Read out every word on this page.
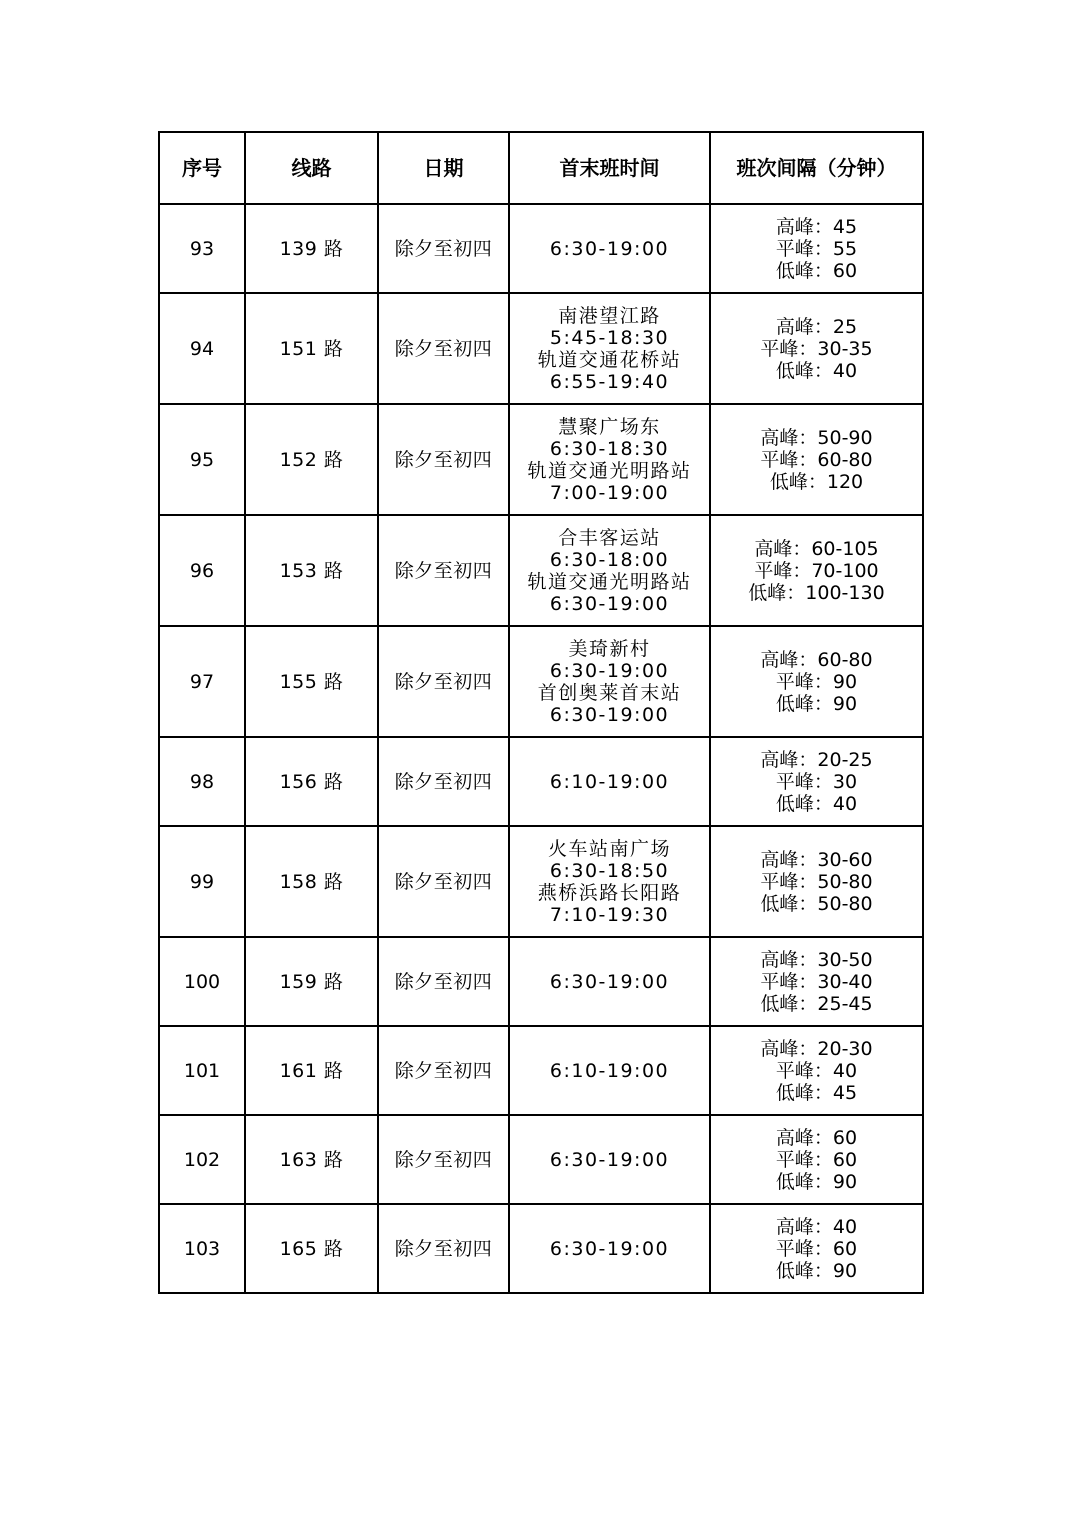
序号	线路	日期	首末班时间	班次间隔（分钟）
93	139 路	除夕至初四	6:30-19:00	高峰：45
平峰：55
低峰：60

94	151 路	除夕至初四	南港望江路
5:45-18:30
轨道交通花桥站
6:55-19:40	高峰：25
平峰：30-35
低峰：40

95	152 路	除夕至初四	慧聚广场东
6:30-18:30
轨道交通光明路站
7:00-19:00	高峰：50-90
平峰：60-80
低峰：120

96	153 路	除夕至初四	合丰客运站
6:30-18:00
轨道交通光明路站
6:30-19:00	高峰：60-105
平峰：70-100
低峰：100-130

97	155 路	除夕至初四	美琦新村
6:30-19:00
首创奥莱首末站
6:30-19:00	高峰：60-80
平峰：90
低峰：90

98	156 路	除夕至初四	6:10-19:00	高峰：20-25
平峰：30
低峰：40

99	158 路	除夕至初四	火车站南广场
6:30-18:50
燕桥浜路长阳路
7:10-19:30	高峰：30-60
平峰：50-80
低峰：50-80

100	159 路	除夕至初四	6:30-19:00	高峰：30-50
平峰：30-40
低峰：25-45

101	161 路	除夕至初四	6:10-19:00	高峰：20-30
平峰：40
低峰：45

102	163 路	除夕至初四	6:30-19:00	高峰：60
平峰：60
低峰：90

103	165 路	除夕至初四	6:30-19:00	高峰：40
平峰：60
低峰：90
